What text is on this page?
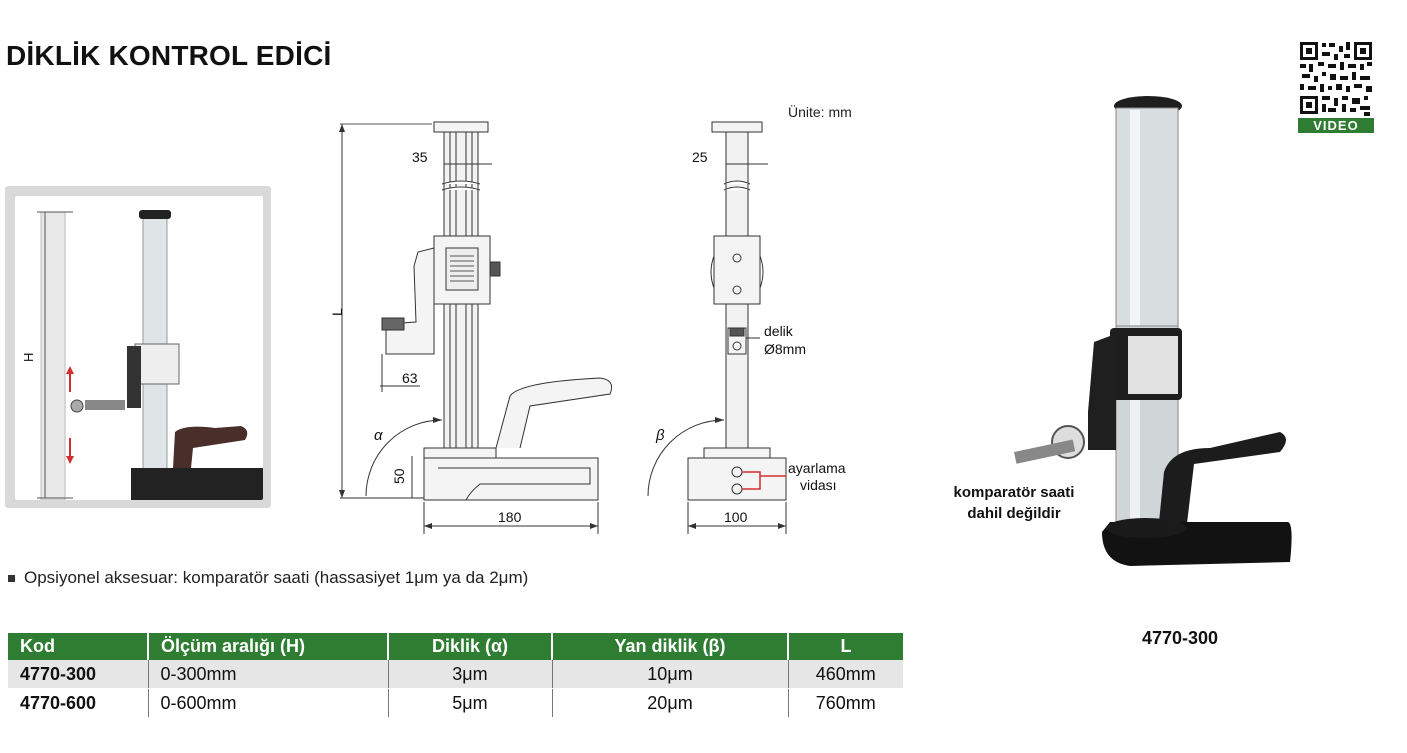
DİKLİK KONTROL EDİCİ
VIDEO
H
35
L
63
α
50
180
25
delik
Ø8mm
β
ayarlama
vidası
100
Ünite: mm
komparatör saati
dahil değildir
4770-300
Opsiyonel aksesuar: komparatör saati (hassasiyet 1μm ya da 2μm)
Kod	Ölçüm aralığı (H)	Diklik (α)	Yan diklik (β)	L
4770-300	0-300mm	3μm	10μm	460mm
4770-600	0-600mm	5μm	20μm	760mm
